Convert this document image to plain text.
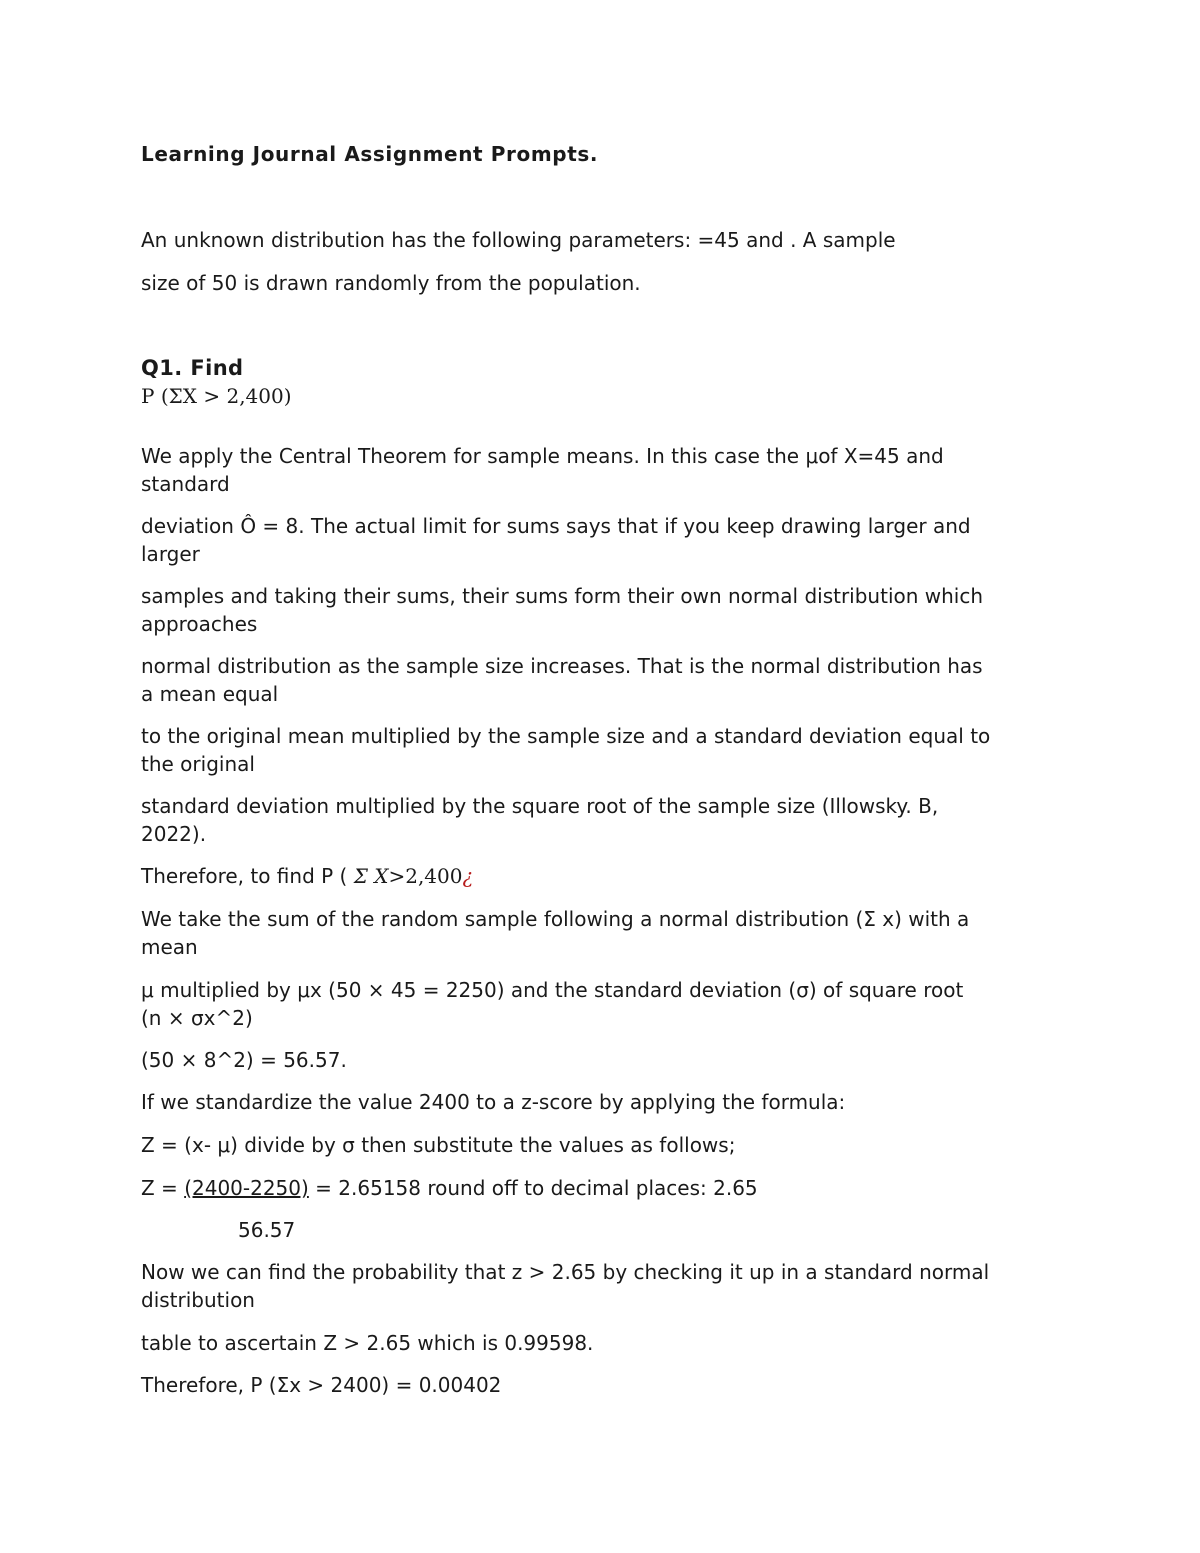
Learning Journal Assignment Prompts.

An unknown distribution has the following parameters: =45 and . A sample

size of 50 is drawn randomly from the population.

Q1. Find

P (ΣX > 2,400)

We apply the Central Theorem for sample means. In this case the μof X=45 and

standard

deviation Ô = 8. The actual limit for sums says that if you keep drawing larger and

larger

samples and taking their sums, their sums form their own normal distribution which

approaches

normal distribution as the sample size increases. That is the normal distribution has

a mean equal

to the original mean multiplied by the sample size and a standard deviation equal to

the original

standard deviation multiplied by the square root of the sample size (Illowsky. B,

2022).

Therefore, to find P ( Σ X>2,400¿

We take the sum of the random sample following a normal distribution (Σ x) with a

mean

μ multiplied by μx (50 × 45 = 2250) and the standard deviation (σ) of square root

(n × σx^2)

(50 × 8^2) = 56.57.

If we standardize the value 2400 to a z-score by applying the formula:

Z = (x- μ) divide by σ then substitute the values as follows;

Z = (2400-2250) = 2.65158 round off to decimal places: 2.65

56.57

Now we can find the probability that z > 2.65 by checking it up in a standard normal

distribution

table to ascertain Z > 2.65 which is 0.99598.

Therefore, P (Σx > 2400) = 0.00402
